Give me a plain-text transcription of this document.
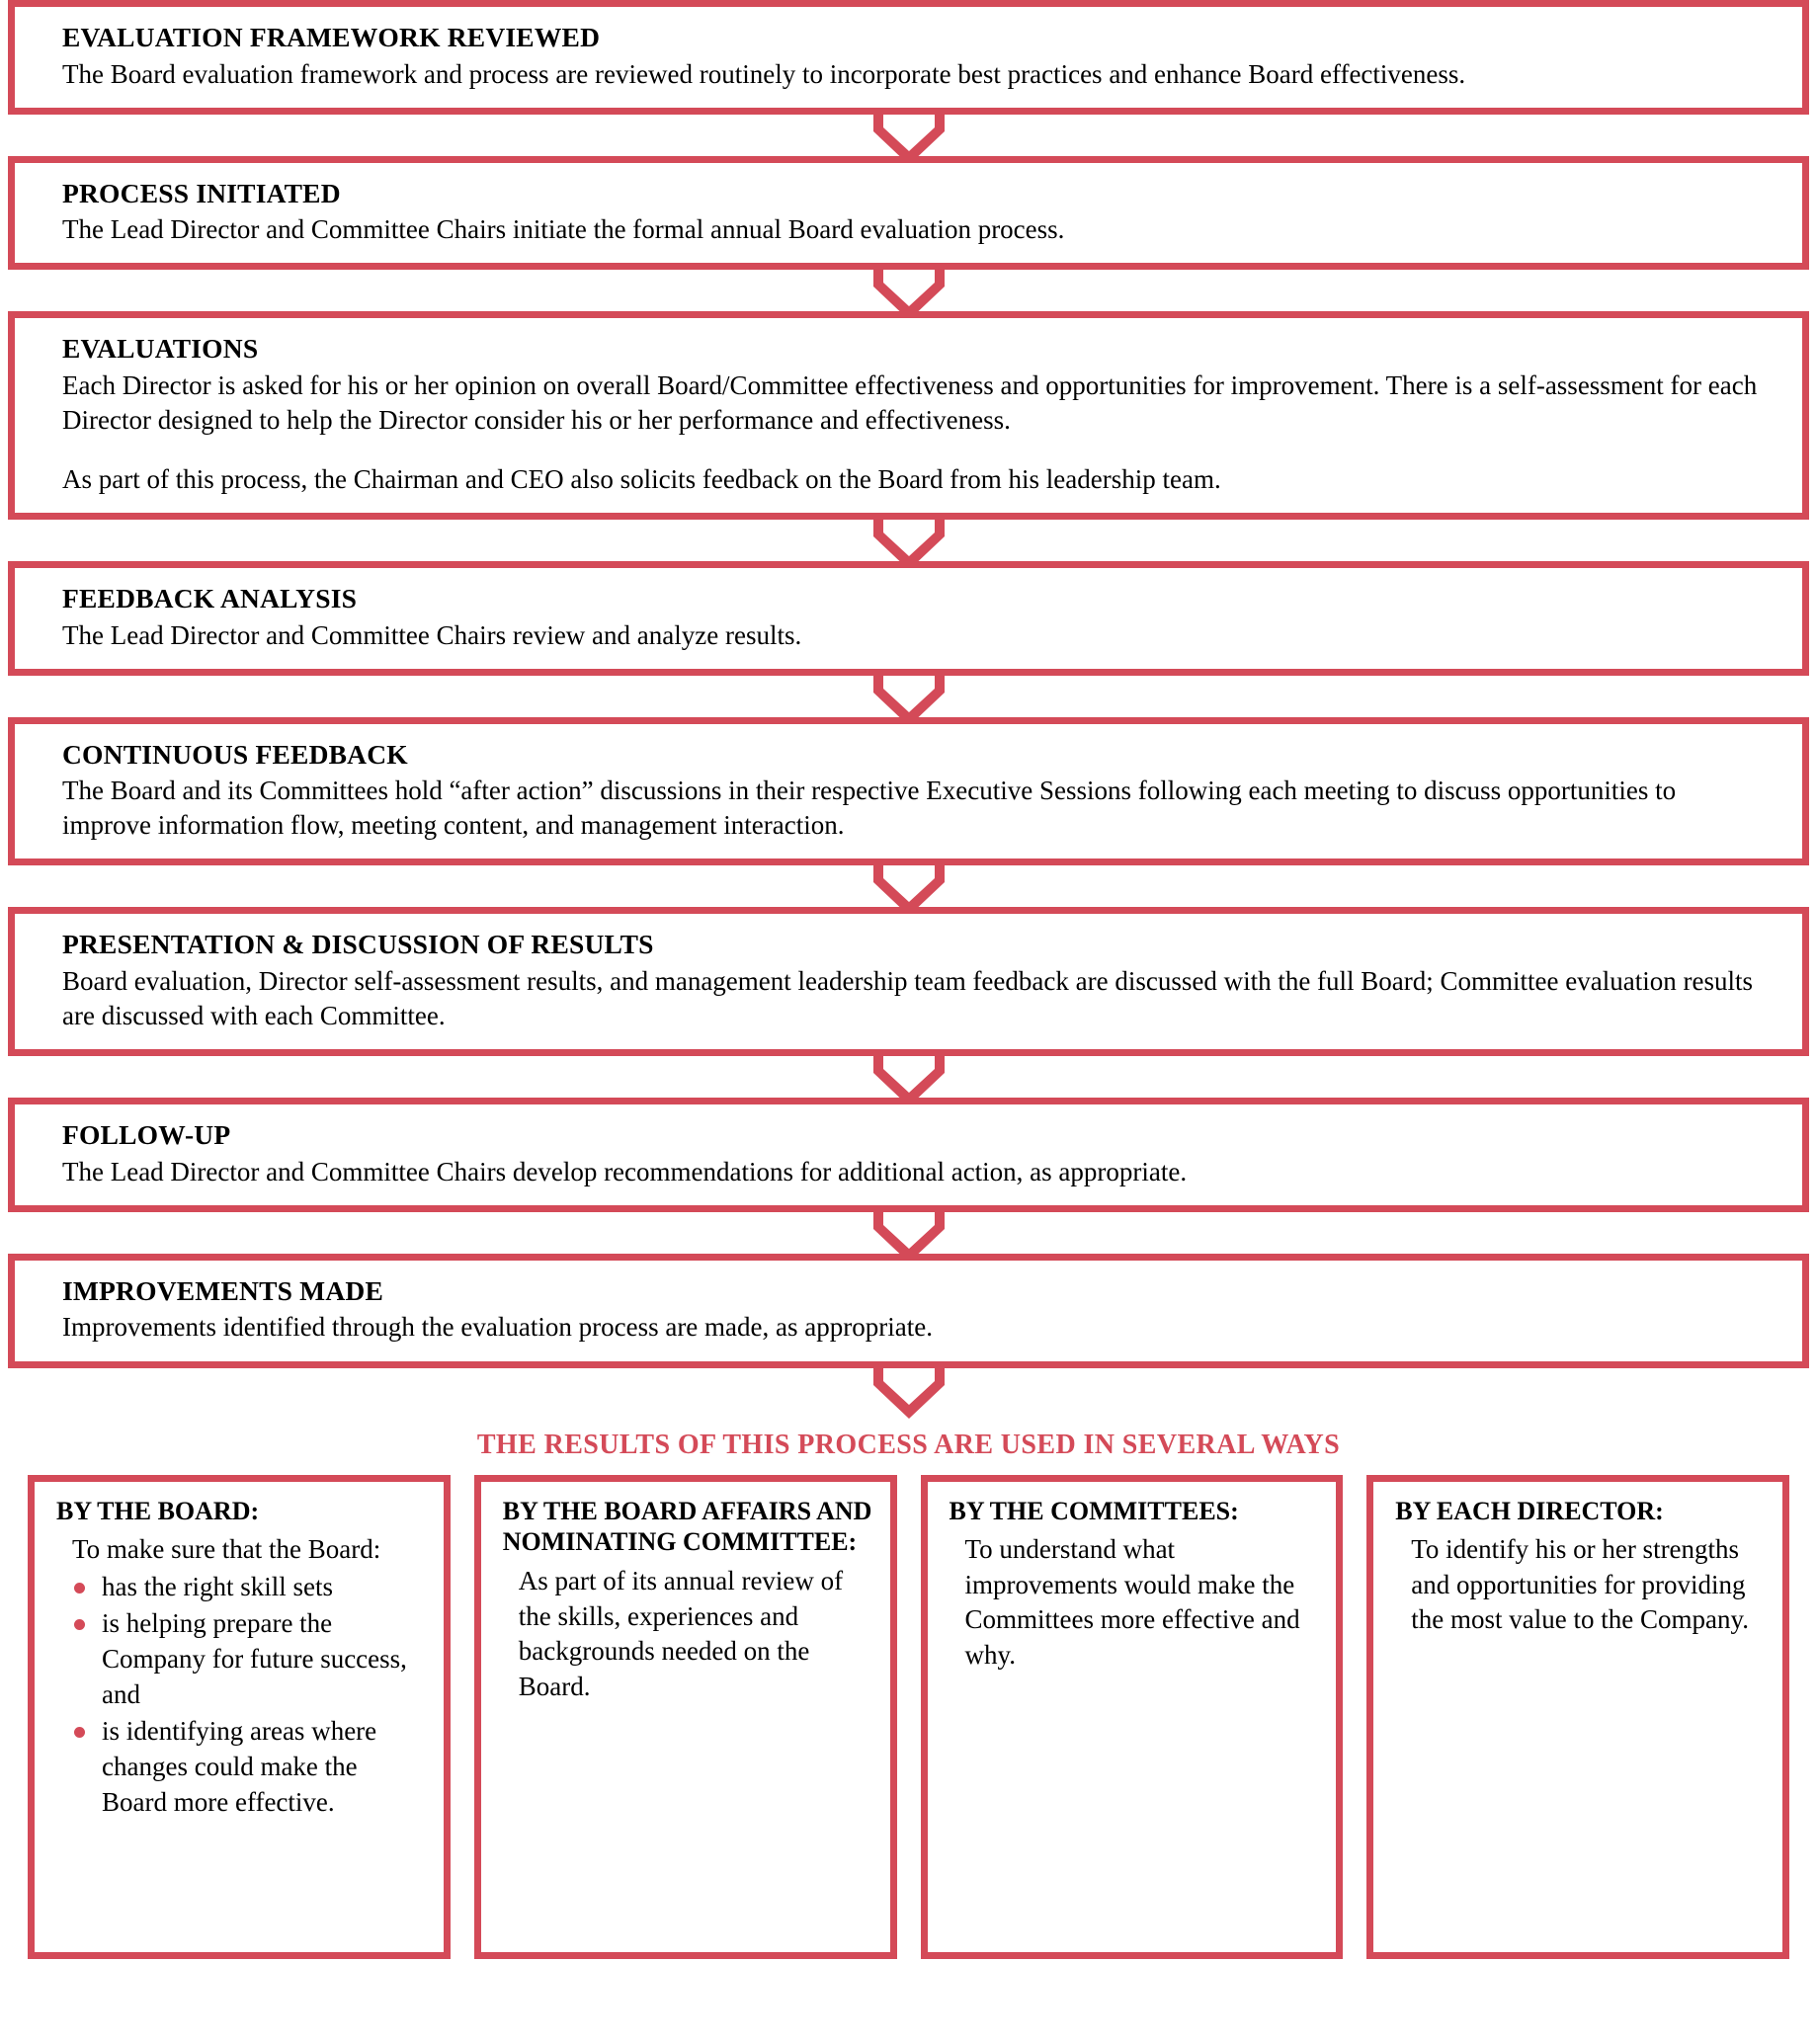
EVALUATION FRAMEWORK REVIEWED

The Board evaluation framework and process are reviewed routinely to incorporate best practices and enhance Board effectiveness.

PROCESS INITIATED

The Lead Director and Committee Chairs initiate the formal annual Board evaluation process.

EVALUATIONS

Each Director is asked for his or her opinion on overall Board/Committee effectiveness and opportunities for improvement. There is a self-assessment for each Director designed to help the Director consider his or her performance and effectiveness.

As part of this process, the Chairman and CEO also solicits feedback on the Board from his leadership team.

FEEDBACK ANALYSIS

The Lead Director and Committee Chairs review and analyze results.

CONTINUOUS FEEDBACK

The Board and its Committees hold “after action” discussions in their respective Executive Sessions following each meeting to discuss opportunities to improve information flow, meeting content, and management interaction.

PRESENTATION & DISCUSSION OF RESULTS

Board evaluation, Director self-assessment results, and management leadership team feedback are discussed with the full Board; Committee evaluation results are discussed with each Committee.

FOLLOW-UP

The Lead Director and Committee Chairs develop recommendations for additional action, as appropriate.

IMPROVEMENTS MADE

Improvements identified through the evaluation process are made, as appropriate.

THE RESULTS OF THIS PROCESS ARE USED IN SEVERAL WAYS
BY THE BOARD:

To make sure that the Board:

has the right skill sets
is helping prepare the Company for future success, and
is identifying areas where changes could make the Board more effective.
BY THE BOARD AFFAIRS AND NOMINATING COMMITTEE:

As part of its annual review of the skills, experiences and backgrounds needed on the Board.

BY THE COMMITTEES:

To understand what improvements would make the Committees more effective and why.

BY EACH DIRECTOR:

To identify his or her strengths and opportunities for providing the most value to the Company.
